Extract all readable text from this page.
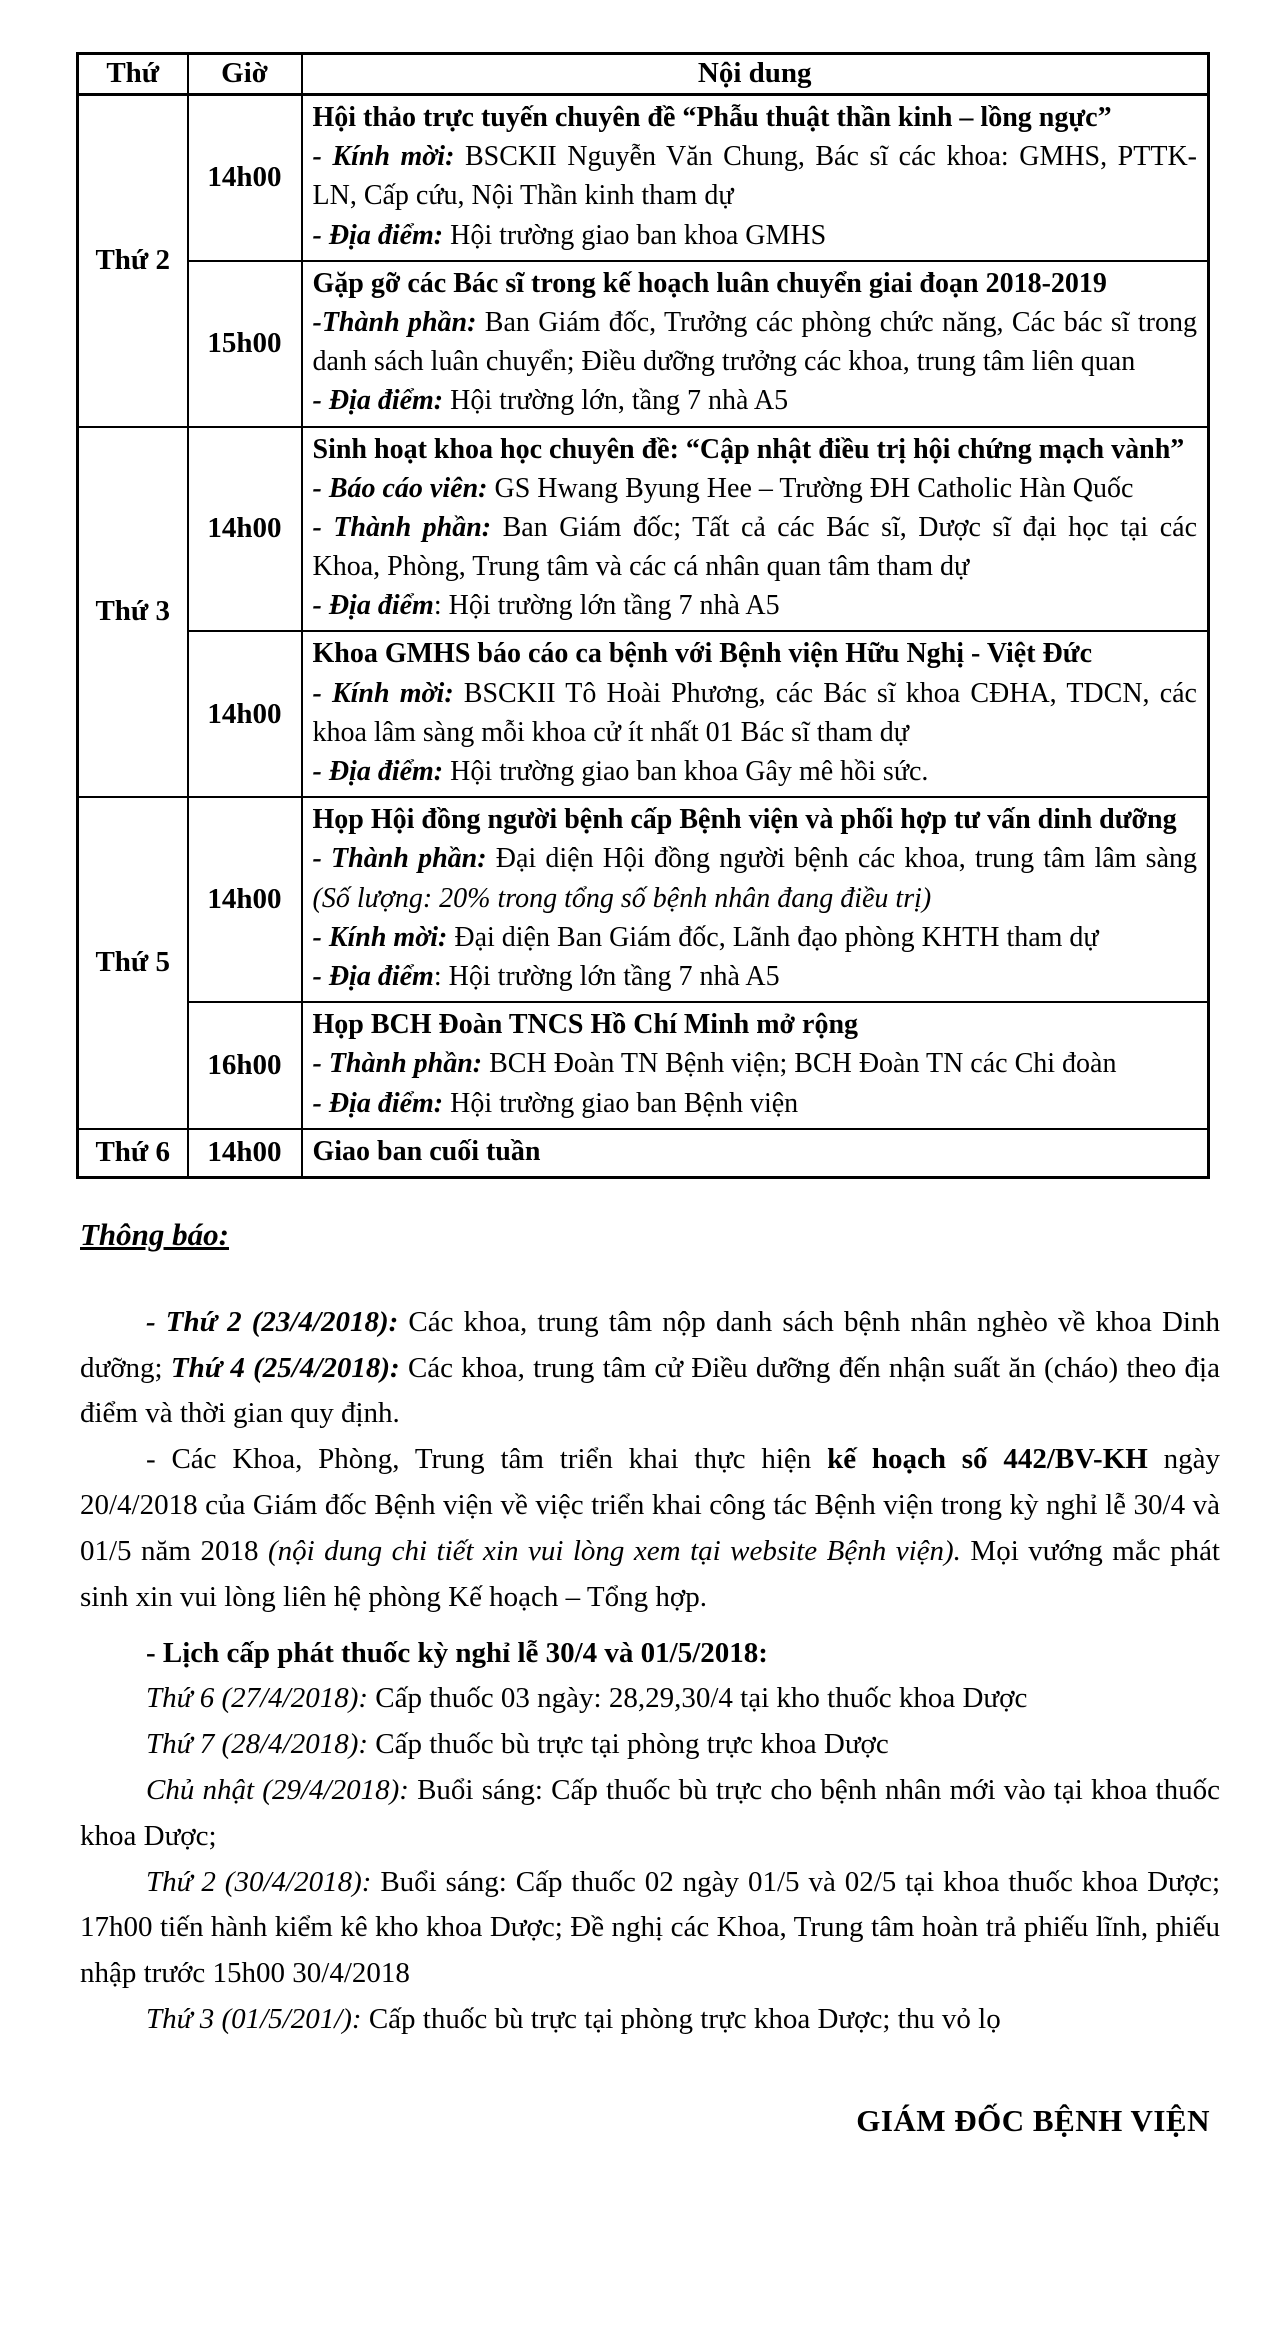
Thứ	Giờ	Nội dung
Thứ 2	14h00	Hội thảo trực tuyến chuyên đề “Phẫu thuật thần kinh – lồng ngực”

- Kính mời: BSCKII Nguyễn Văn Chung, Bác sĩ các khoa: GMHS, PTTK-LN, Cấp cứu, Nội Thần kinh tham dự

- Địa điểm: Hội trường giao ban khoa GMHS

	15h00	Gặp gỡ các Bác sĩ trong kế hoạch luân chuyển giai đoạn 2018-2019

-Thành phần: Ban Giám đốc, Trưởng các phòng chức năng, Các bác sĩ trong danh sách luân chuyển; Điều dưỡng trưởng các khoa, trung tâm liên quan

- Địa điểm: Hội trường lớn, tầng 7 nhà A5

Thứ 3	14h00	Sinh hoạt khoa học chuyên đề: “Cập nhật điều trị hội chứng mạch vành”

- Báo cáo viên: GS Hwang Byung Hee – Trường ĐH Catholic Hàn Quốc

- Thành phần: Ban Giám đốc; Tất cả các Bác sĩ, Dược sĩ đại học tại các Khoa, Phòng, Trung tâm và các cá nhân quan tâm tham dự

- Địa điểm: Hội trường lớn tầng 7 nhà A5

	14h00	Khoa GMHS báo cáo ca bệnh với Bệnh viện Hữu Nghị - Việt Đức

- Kính mời: BSCKII Tô Hoài Phương, các Bác sĩ khoa CĐHA, TDCN, các khoa lâm sàng mỗi khoa cử ít nhất 01 Bác sĩ tham dự

- Địa điểm: Hội trường giao ban khoa Gây mê hồi sức.

Thứ 5	14h00	Họp Hội đồng người bệnh cấp Bệnh viện và phối hợp tư vấn dinh dưỡng

- Thành phần: Đại diện Hội đồng người bệnh các khoa, trung tâm lâm sàng (Số lượng: 20% trong tổng số bệnh nhân đang điều trị)

- Kính mời: Đại diện Ban Giám đốc, Lãnh đạo phòng KHTH tham dự

- Địa điểm: Hội trường lớn tầng 7 nhà A5

	16h00	Họp BCH Đoàn TNCS Hồ Chí Minh mở rộng

- Thành phần: BCH Đoàn TN Bệnh viện; BCH Đoàn TN các Chi đoàn

- Địa điểm: Hội trường giao ban Bệnh viện

Thứ 6	14h00	Giao ban cuối tuần

Thông báo:

- Thứ 2 (23/4/2018): Các khoa, trung tâm nộp danh sách bệnh nhân nghèo về khoa Dinh dưỡng; Thứ 4 (25/4/2018): Các khoa, trung tâm cử Điều dưỡng đến nhận suất ăn (cháo) theo địa điểm và thời gian quy định.

- Các Khoa, Phòng, Trung tâm triển khai thực hiện kế hoạch số 442/BV-KH ngày 20/4/2018 của Giám đốc Bệnh viện về việc triển khai công tác Bệnh viện trong kỳ nghỉ lễ 30/4 và 01/5 năm 2018 (nội dung chi tiết xin vui lòng xem tại website Bệnh viện). Mọi vướng mắc phát sinh xin vui lòng liên hệ phòng Kế hoạch – Tổng hợp.

- Lịch cấp phát thuốc kỳ nghỉ lễ 30/4 và 01/5/2018:

Thứ 6 (27/4/2018): Cấp thuốc 03 ngày: 28,29,30/4 tại kho thuốc khoa Dược

Thứ 7 (28/4/2018): Cấp thuốc bù trực tại phòng trực khoa Dược

Chủ nhật (29/4/2018): Buổi sáng: Cấp thuốc bù trực cho bệnh nhân mới vào tại khoa thuốc khoa Dược;

Thứ 2 (30/4/2018): Buổi sáng: Cấp thuốc 02 ngày 01/5 và 02/5 tại khoa thuốc khoa Dược; 17h00 tiến hành kiểm kê kho khoa Dược; Đề nghị các Khoa, Trung tâm hoàn trả phiếu lĩnh, phiếu nhập trước 15h00 30/4/2018

Thứ 3 (01/5/201/): Cấp thuốc bù trực tại phòng trực khoa Dược; thu vỏ lọ

GIÁM ĐỐC BỆNH VIỆN
